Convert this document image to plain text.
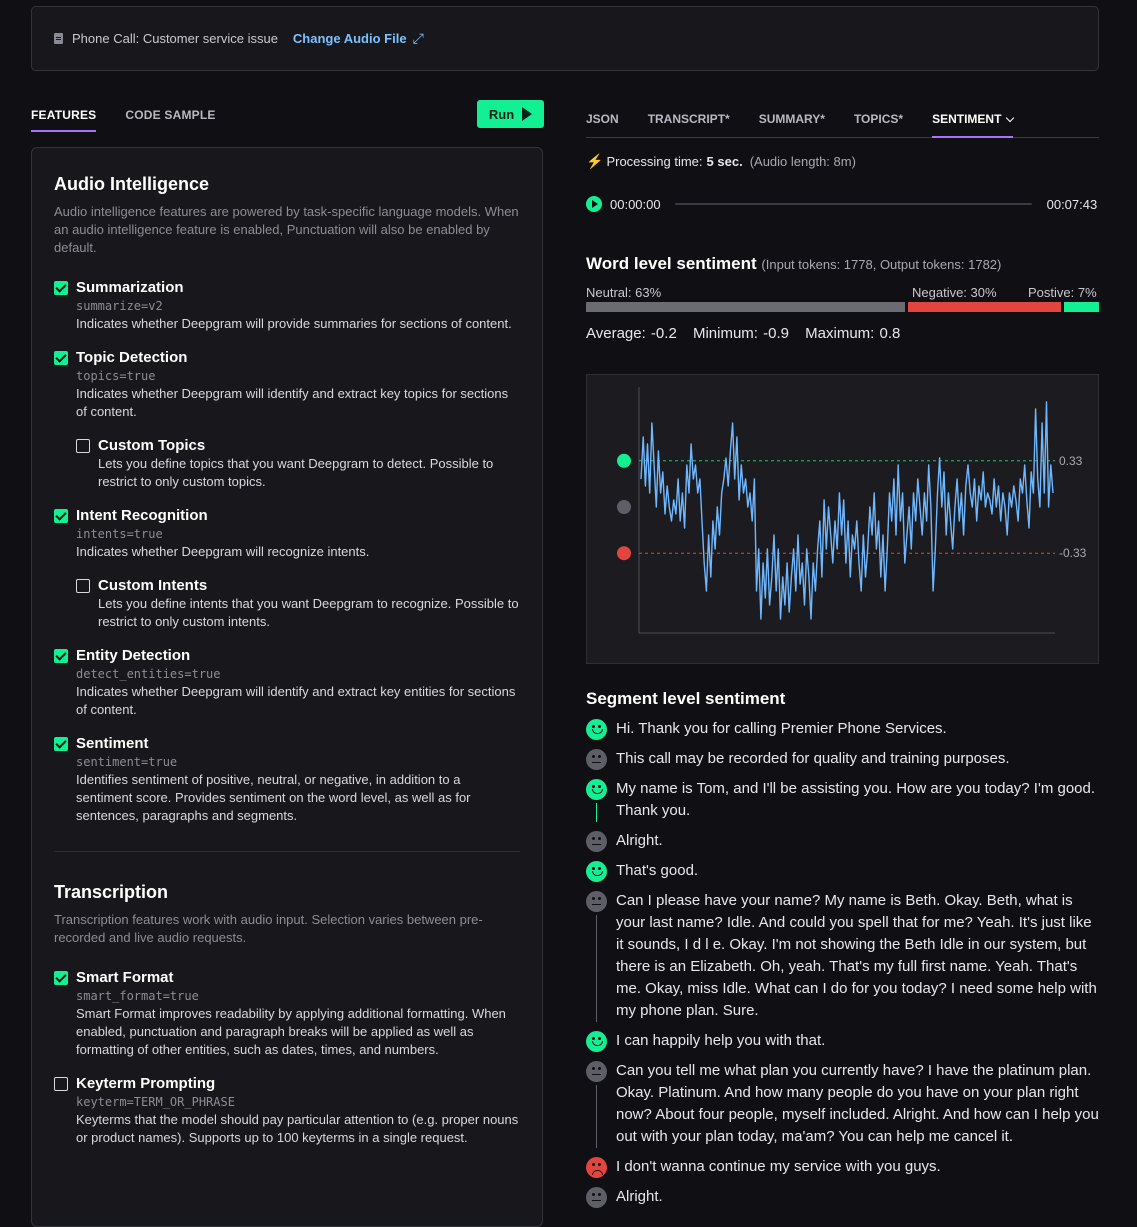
Phone Call: Customer service issue Change Audio File ⤢
FEATURES CODE SAMPLE	Run
Audio Intelligence
Audio intelligence features are powered by task-specific language models. When an audio intelligence feature is enabled, Punctuation will also be enabled by default.
Summarization
summarize=v2
Indicates whether Deepgram will provide summaries for sections of content.
Topic Detection
topics=true
Indicates whether Deepgram will identify and extract key topics for sections of content.
Custom Topics
Lets you define topics that you want Deepgram to detect. Possible to restrict to only custom topics.
Intent Recognition
intents=true
Indicates whether Deepgram will recognize intents.
Custom Intents
Lets you define intents that you want Deepgram to recognize. Possible to restrict to only custom intents.
Entity Detection
detect_entities=true
Indicates whether Deepgram will identify and extract key entities for sections of content.
Sentiment
sentiment=true
Identifies sentiment of positive, neutral, or negative, in addition to a sentiment score. Provides sentiment on the word level, as well as for sentences, paragraphs and segments.
Transcription
Transcription features work with audio input. Selection varies between pre-recorded and live audio requests.
Smart Format
smart_format=true
Smart Format improves readability by applying additional formatting. When enabled, punctuation and paragraph breaks will be applied as well as formatting of other entities, such as dates, times, and numbers.
Keyterm Prompting
keyterm=TERM_OR_PHRASE
Keyterms that the model should pay particular attention to (e.g. proper nouns or product names). Supports up to 100 keyterms in a single request.
JSON TRANSCRIPT* SUMMARY* TOPICS* SENTIMENT
⚡ Processing time: 5 sec. (Audio length: 8m)
00:00:00	00:07:43
Word level sentiment (Input tokens: 1778, Output tokens: 1782)
Neutral: 63%	Negative: 30% Postive: 7%
Average: -0.2 Minimum: -0.9 Maximum: 0.8
0.33
-0.33
Segment level sentiment
Hi. Thank you for calling Premier Phone Services.
This call may be recorded for quality and training purposes.
My name is Tom, and I'll be assisting you. How are you today? I'm good. Thank you.
Alright.
That's good.
Can I please have your name? My name is Beth. Okay. Beth, what is your last name? Idle. And could you spell that for me? Yeah. It's just like it sounds, I d l e. Okay. I'm not showing the Beth Idle in our system, but there is an Elizabeth. Oh, yeah. That's my full first name. Yeah. That's me. Okay, miss Idle. What can I do for you today? I need some help with my phone plan. Sure.
I can happily help you with that.
Can you tell me what plan you currently have? I have the platinum plan. Okay. Platinum. And how many people do you have on your plan right now? About four people, myself included. Alright. And how can I help you out with your plan today, ma'am? You can help me cancel it.
I don't wanna continue my service with you guys.
Alright.
